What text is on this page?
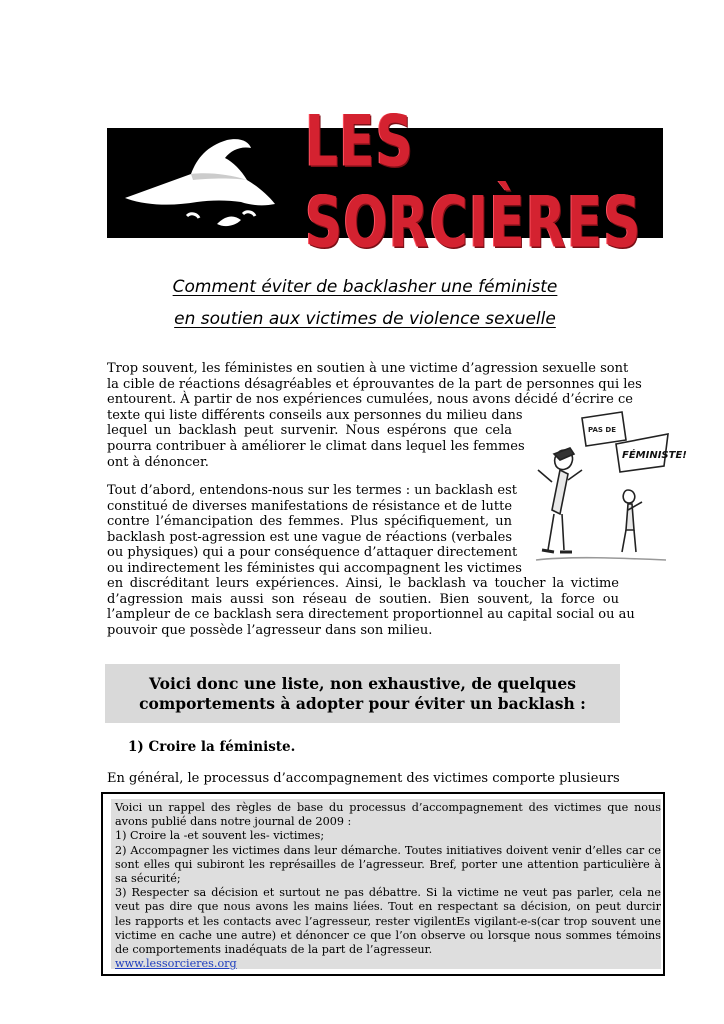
LES SORCIÈRES
Comment éviter de backlasher une féministe
en soutien aux victimes de violence sexuelle
Trop souvent, les féministes en soutien à une victime d’agression sexuelle sont
la cible de réactions désagréables et éprouvantes de la part de personnes qui les
entourent. À partir de nos expériences cumulées, nous avons décidé d’écrire ce
texte qui liste différents conseils aux personnes du milieu dans
lequel un backlash peut survenir. Nous espérons que cela
pourra contribuer à améliorer le climat dans lequel les femmes
ont à dénoncer.
Tout d’abord, entendons-nous sur les termes : un backlash est
constitué de diverses manifestations de résistance et de lutte
contre l’émancipation des femmes. Plus spécifiquement, un
backlash post-agression est une vague de réactions (verbales
ou physiques) qui a pour conséquence d’attaquer directement
ou indirectement les féministes qui accompagnent les victimes
en discréditant leurs expériences. Ainsi, le backlash va toucher la victime
d’agression mais aussi son réseau de soutien. Bien souvent, la force ou
l’ampleur de ce backlash sera directement proportionnel au capital social ou au
pouvoir que possède l’agresseur dans son milieu.
PAS DE
FÉMINISTE!
Voici donc une liste, non exhaustive, de quelques
comportements à adopter pour éviter un backlash :
1) Croire la féministe.
En général, le processus d’accompagnement des victimes comporte plusieurs
Voici un rappel des règles de base du processus d’accompagnement des victimes que nous
avons publié dans notre journal de 2009 :
1) Croire la -et souvent les- victimes;
2) Accompagner les victimes dans leur démarche. Toutes initiatives doivent venir d’elles car ce
sont elles qui subiront les représailles de l’agresseur. Bref, porter une attention particulière à
sa sécurité;
3) Respecter sa décision et surtout ne pas débattre. Si la victime ne veut pas parler, cela ne
veut pas dire que nous avons les mains liées. Tout en respectant sa décision, on peut durcir
les rapports et les contacts avec l’agresseur, rester vigilentEs vigilant-e-s(car trop souvent une
victime en cache une autre) et dénoncer ce que l’on observe ou lorsque nous sommes témoins
de comportements inadéquats de la part de l’agresseur.
www.lessorcieres.org
